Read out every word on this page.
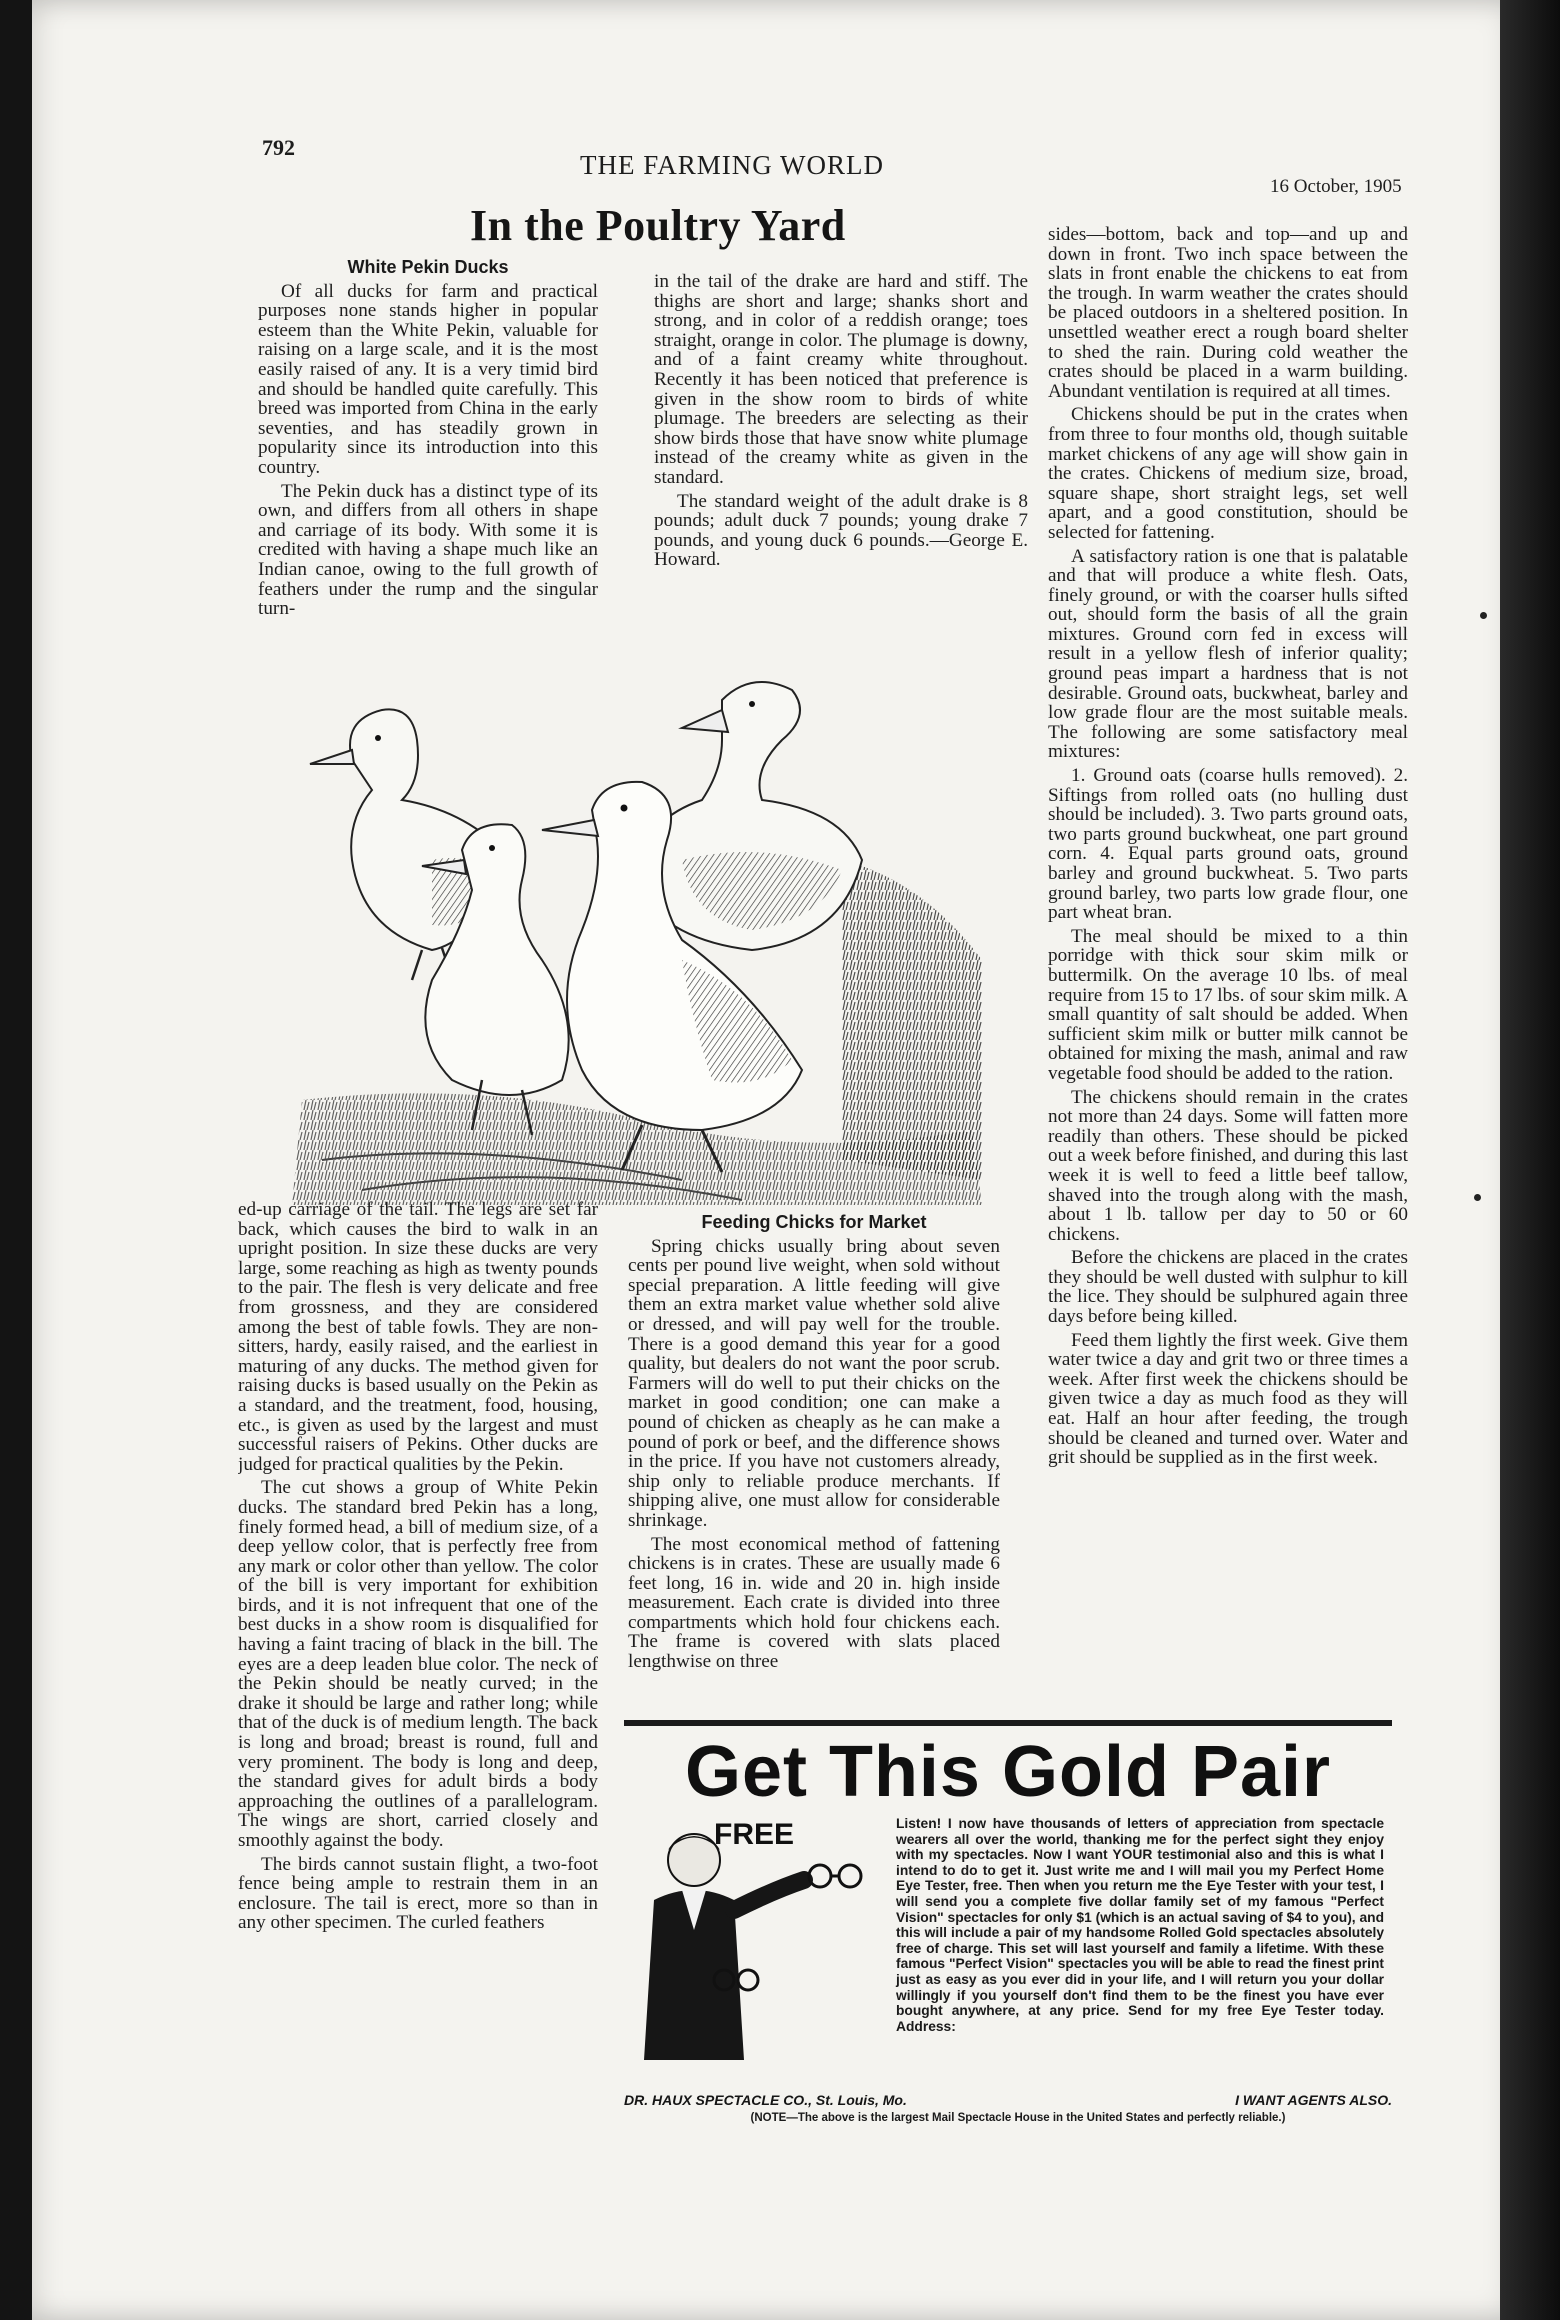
792
THE FARMING WORLD
16 October, 1905
In the Poultry Yard
White Pekin Ducks

Of all ducks for farm and practical purposes none stands higher in popular esteem than the White Pekin, valuable for raising on a large scale, and it is the most easily raised of any. It is a very timid bird and should be handled quite carefully. This breed was imported from China in the early seventies, and has steadily grown in popularity since its introduction into this country.

The Pekin duck has a distinct type of its own, and differs from all others in shape and carriage of its body. With some it is credited with having a shape much like an Indian canoe, owing to the full growth of feathers under the rump and the singular turn-

in the tail of the drake are hard and stiff. The thighs are short and large; shanks short and strong, and in color of a reddish orange; toes straight, orange in color. The plumage is downy, and of a faint creamy white throughout. Recently it has been noticed that preference is given in the show room to birds of white plumage. The breeders are selecting as their show birds those that have snow white plumage instead of the creamy white as given in the standard.

The standard weight of the adult drake is 8 pounds; adult duck 7 pounds; young drake 7 pounds, and young duck 6 pounds.—George E. Howard.

ed-up carriage of the tail. The legs are set far back, which causes the bird to walk in an upright position. In size these ducks are very large, some reaching as high as twenty pounds to the pair. The flesh is very delicate and free from grossness, and they are considered among the best of table fowls. They are non-sitters, hardy, easily raised, and the earliest in maturing of any ducks. The method given for raising ducks is based usually on the Pekin as a standard, and the treatment, food, housing, etc., is given as used by the largest and must successful raisers of Pekins. Other ducks are judged for practical qualities by the Pekin.

The cut shows a group of White Pekin ducks. The standard bred Pekin has a long, finely formed head, a bill of medium size, of a deep yellow color, that is perfectly free from any mark or color other than yellow. The color of the bill is very important for exhibition birds, and it is not infrequent that one of the best ducks in a show room is disqualified for having a faint tracing of black in the bill. The eyes are a deep leaden blue color. The neck of the Pekin should be neatly curved; in the drake it should be large and rather long; while that of the duck is of medium length. The back is long and broad; breast is round, full and very prominent. The body is long and deep, the standard gives for adult birds a body approaching the outlines of a parallelogram. The wings are short, carried closely and smoothly against the body.

The birds cannot sustain flight, a two-foot fence being ample to restrain them in an enclosure. The tail is erect, more so than in any other specimen. The curled feathers

Feeding Chicks for Market

Spring chicks usually bring about seven cents per pound live weight, when sold without special preparation. A little feeding will give them an extra market value whether sold alive or dressed, and will pay well for the trouble. There is a good demand this year for a good quality, but dealers do not want the poor scrub. Farmers will do well to put their chicks on the market in good condition; one can make a pound of chicken as cheaply as he can make a pound of pork or beef, and the difference shows in the price. If you have not customers already, ship only to reliable produce merchants. If shipping alive, one must allow for considerable shrinkage.

The most economical method of fattening chickens is in crates. These are usually made 6 feet long, 16 in. wide and 20 in. high inside measurement. Each crate is divided into three compartments which hold four chickens each. The frame is covered with slats placed lengthwise on three

sides—bottom, back and top—and up and down in front. Two inch space between the slats in front enable the chickens to eat from the trough. In warm weather the crates should be placed outdoors in a sheltered position. In unsettled weather erect a rough board shelter to shed the rain. During cold weather the crates should be placed in a warm building. Abundant ventilation is required at all times.

Chickens should be put in the crates when from three to four months old, though suitable market chickens of any age will show gain in the crates. Chickens of medium size, broad, square shape, short straight legs, set well apart, and a good constitution, should be selected for fattening.

A satisfactory ration is one that is palatable and that will produce a white flesh. Oats, finely ground, or with the coarser hulls sifted out, should form the basis of all the grain mixtures. Ground corn fed in excess will result in a yellow flesh of inferior quality; ground peas impart a hardness that is not desirable. Ground oats, buckwheat, barley and low grade flour are the most suitable meals. The following are some satisfactory meal mixtures:

1. Ground oats (coarse hulls removed). 2. Siftings from rolled oats (no hulling dust should be included). 3. Two parts ground oats, two parts ground buckwheat, one part ground corn. 4. Equal parts ground oats, ground barley and ground buckwheat. 5. Two parts ground barley, two parts low grade flour, one part wheat bran.

The meal should be mixed to a thin porridge with thick sour skim milk or buttermilk. On the average 10 lbs. of meal require from 15 to 17 lbs. of sour skim milk. A small quantity of salt should be added. When sufficient skim milk or butter milk cannot be obtained for mixing the mash, animal and raw vegetable food should be added to the ration.

The chickens should remain in the crates not more than 24 days. Some will fatten more readily than others. These should be picked out a week before finished, and during this last week it is well to feed a little beef tallow, shaved into the trough along with the mash, about 1 lb. tallow per day to 50 or 60 chickens.

Before the chickens are placed in the crates they should be well dusted with sulphur to kill the lice. They should be sulphured again three days before being killed.

Feed them lightly the first week. Give them water twice a day and grit two or three times a week. After first week the chickens should be given twice a day as much food as they will eat. Half an hour after feeding, the trough should be cleaned and turned over. Water and grit should be supplied as in the first week.

Get This Gold Pair
FREE	Listen! I now have thousands of letters of appreciation from spectacle wearers all over the world, thanking me for the perfect sight they enjoy with my spectacles. Now I want YOUR testimonial also and this is what I intend to do to get it. Just write me and I will mail you my Perfect Home Eye Tester, free. Then when you return me the Eye Tester with your test, I will send you a complete five dollar family set of my famous "Perfect Vision" spectacles for only $1 (which is an actual saving of $4 to you), and this will include a pair of my handsome Rolled Gold spectacles absolutely free of charge. This set will last yourself and family a lifetime. With these famous "Perfect Vision" spectacles you will be able to read the finest print just as easy as you ever did in your life, and I will return you your dollar willingly if you yourself don't find them to be the finest you have ever bought anywhere, at any price. Send for my free Eye Tester today. Address:
DR. HAUX SPECTACLE CO., St. Louis, Mo.	I WANT AGENTS ALSO.
(NOTE—The above is the largest Mail Spectacle House in the United States and perfectly reliable.)
